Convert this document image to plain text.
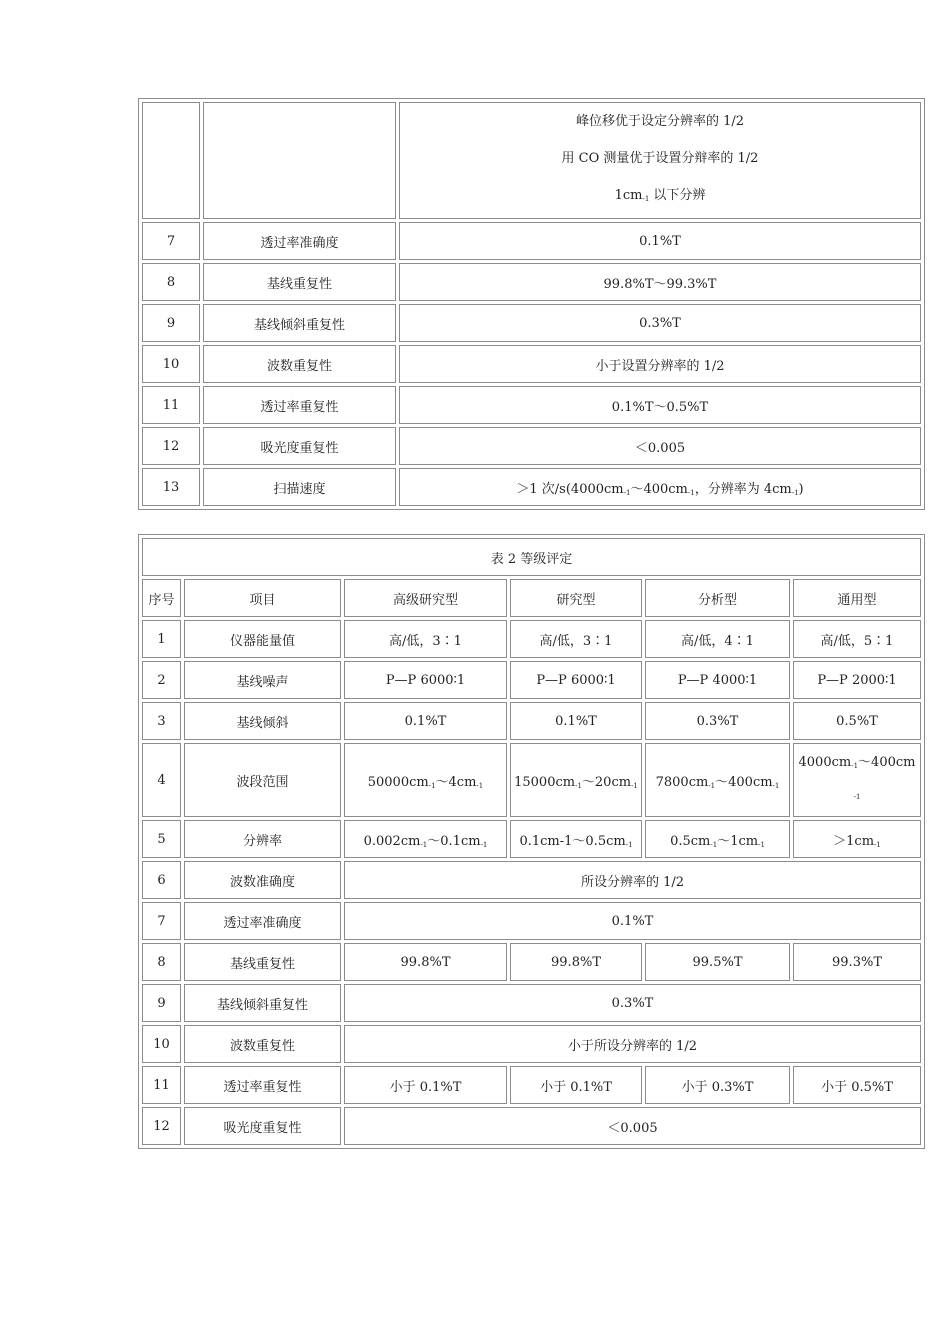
		峰位移优于设定分辨率的 1/2
用 CO 测量优于设置分辩率的 1/2
$1cm_{-1}$ 以下分辨

7	透过率准确度	0.1%T
8	基线重复性	99.8%T～99.3%T
9	基线倾斜重复性	0.3%T
10	波数重复性	小于设置分辨率的 1/2
11	透过率重复性	0.1%T～0.5%T
12	吸光度重复性	＜0.005
13	扫描速度	＞1 次$/s(4000cm_{-1}\sim 400cm_{-1}$，分辨率为 $4cm_{-1}$)
表 2 等级评定					
序号	项目	高级研究型	研究型	分析型	通用型
1	仪器能量值	高/低，3∶1	高/低，3∶1	高/低，4∶1	高/低，5∶1
2	基线噪声	P—P 6000∶1	P—P 6000∶1	P—P 4000∶1	P—P 2000∶1
3	基线倾斜	0.1%T	0.1%T	0.3%T	0.5%T
4	波段范围	$50000cm_{-1}\sim 4cm_{-1}$	$15000cm_{-1}\sim 20cm_{-1}$	$7800cm_{-1}\sim 400cm_{-1}$	$4000cm_{-1}\sim 400cm$
$_{-1}$

5	分辨率	$0.002cm_{-1}\sim 0.1cm_{-1}$	$0.1cm-1\sim 0.5cm_{-1}$	$0.5cm_{-1}\sim 1cm_{-1}$	$>1cm_{-1}$
6	波数准确度	所设分辨率的 1/2			
7	透过率准确度	0.1%T			
8	基线重复性	99.8%T	99.8%T	99.5%T	99.3%T
9	基线倾斜重复性	0.3%T			
10	波数重复性	小于所设分辨率的 1/2			
11	透过率重复性	小于 0.1%T	小于 0.1%T	小于 0.3%T	小于 0.5%T
12	吸光度重复性	＜0.005			
